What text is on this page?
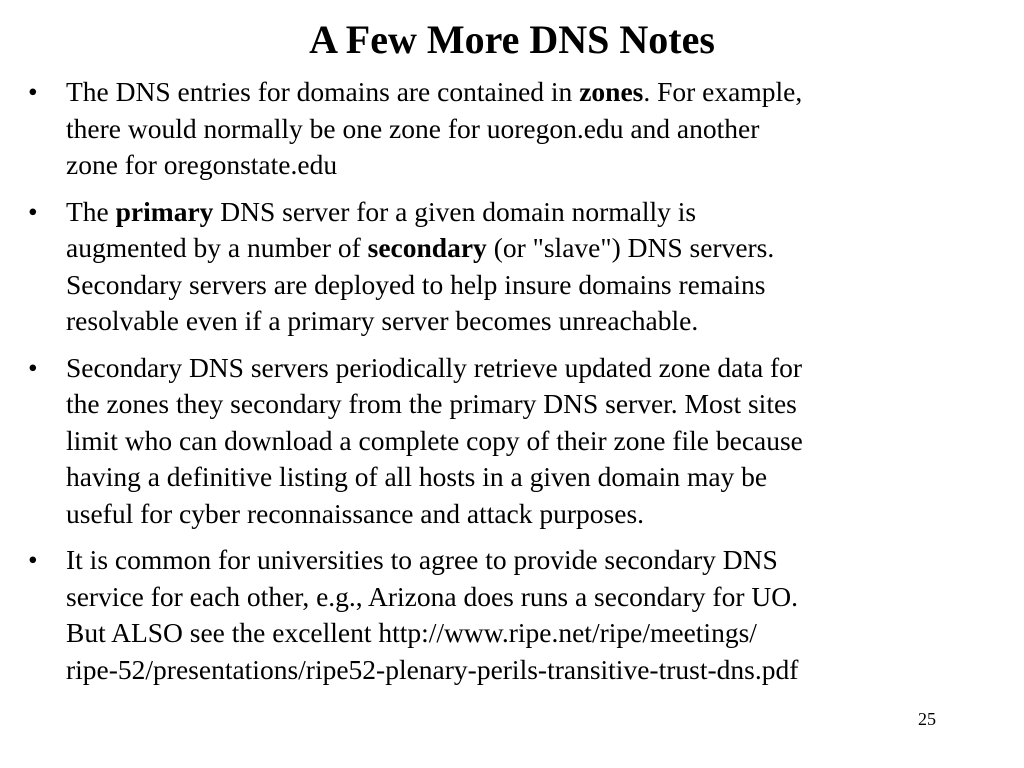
A Few More DNS Notes
•	The DNS entries for domains are contained in zones. For example,
there would normally be one zone for uoregon.edu and another
zone for oregonstate.edu
•	The primary DNS server for a given domain normally is
augmented by a number of secondary (or "slave") DNS servers.
Secondary servers are deployed to help insure domains remains
resolvable even if a primary server becomes unreachable.
•	Secondary DNS servers periodically retrieve updated zone data for
the zones they secondary from the primary DNS server. Most sites
limit who can download a complete copy of their zone file because
having a definitive listing of all hosts in a given domain may be
useful for cyber reconnaissance and attack purposes.
•	It is common for universities to agree to provide secondary DNS
service for each other, e.g., Arizona does runs a secondary for UO.
But ALSO see the excellent http://www.ripe.net/ripe/meetings/
ripe-52/presentations/ripe52-plenary-perils-transitive-trust-dns.pdf
25
